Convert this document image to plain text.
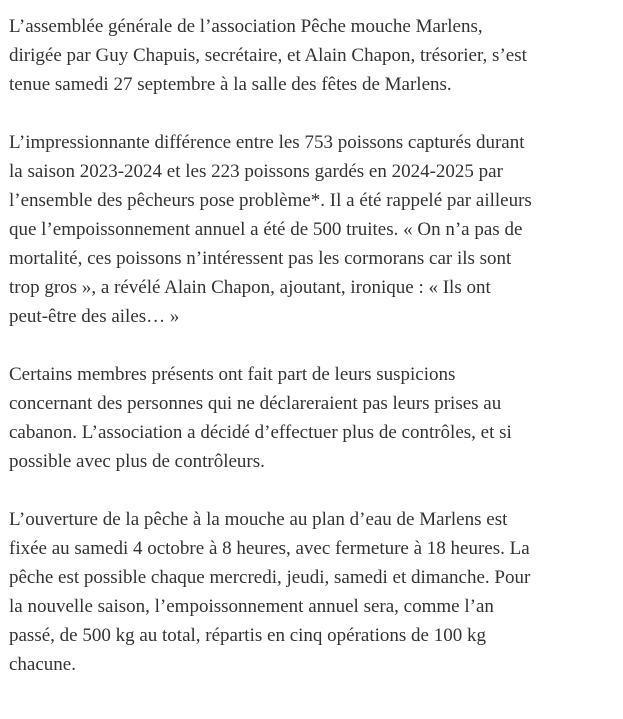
L’assemblée générale de l’association Pêche mouche Marlens,
dirigée par Guy Chapuis, secrétaire, et Alain Chapon, trésorier, s’est
tenue samedi 27 septembre à la salle des fêtes de Marlens.

L’impressionnante différence entre les 753 poissons capturés durant
la saison 2023-2024 et les 223 poissons gardés en 2024-2025 par
l’ensemble des pêcheurs pose problème*. Il a été rappelé par ailleurs
que l’empoissonnement annuel a été de 500 truites. « On n’a pas de
mortalité, ces poissons n’intéressent pas les cormorans car ils sont
trop gros », a révélé Alain Chapon, ajoutant, ironique : « Ils ont
peut-être des ailes… »

Certains membres présents ont fait part de leurs suspicions
concernant des personnes qui ne déclareraient pas leurs prises au
cabanon. L’association a décidé d’effectuer plus de contrôles, et si
possible avec plus de contrôleurs.

L’ouverture de la pêche à la mouche au plan d’eau de Marlens est
fixée au samedi 4 octobre à 8 heures, avec fermeture à 18 heures. La
pêche est possible chaque mercredi, jeudi, samedi et dimanche. Pour
la nouvelle saison, l’empoissonnement annuel sera, comme l’an
passé, de 500 kg au total, répartis en cinq opérations de 100 kg
chacune.
